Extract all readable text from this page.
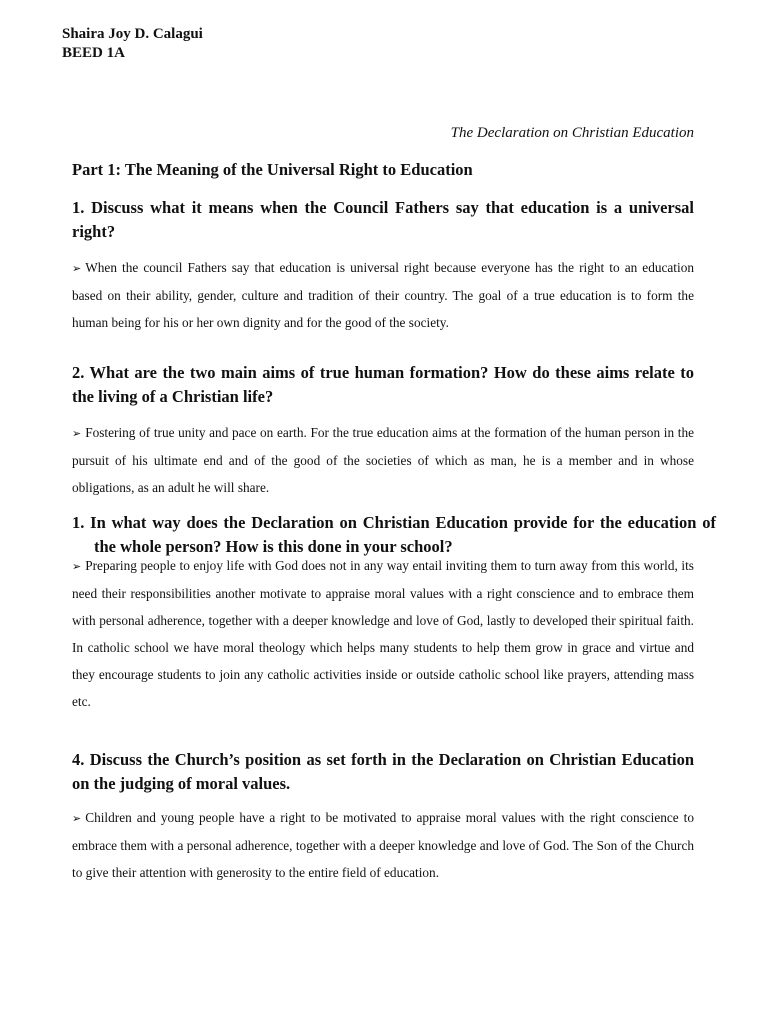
Shaira Joy D. Calagui
BEED 1A
The Declaration on Christian Education
Part 1: The Meaning of the Universal Right to Education
1. Discuss what it means when the Council Fathers say that education is a universal right?
➢ When the council Fathers say that education is universal right because everyone has the right to an education based on their ability, gender, culture and tradition of their country. The goal of a true education is to form the human being for his or her own dignity and for the good of the society.
2. What are the two main aims of true human formation? How do these aims relate to the living of a Christian life?
➢ Fostering of true unity and pace on earth. For the true education aims at the formation of the human person in the pursuit of his ultimate end and of the good of the societies of which as man, he is a member and in whose obligations, as an adult he will share.
1. In what way does the Declaration on Christian Education provide for the education of the whole person? How is this done in your school?
➢ Preparing people to enjoy life with God does not in any way entail inviting them to turn away from this world, its need their responsibilities another motivate to appraise moral values with a right conscience and to embrace them with personal adherence, together with a deeper knowledge and love of God, lastly to developed their spiritual faith. In catholic school we have moral theology which helps many students to help them grow in grace and virtue and they encourage students to join any catholic activities inside or outside catholic school like prayers, attending mass etc.
4. Discuss the Church’s position as set forth in the Declaration on Christian Education on the judging of moral values.
➢ Children and young people have a right to be motivated to appraise moral values with the right conscience to embrace them with a personal adherence, together with a deeper knowledge and love of God. The Son of the Church to give their attention with generosity to the entire field of education.
